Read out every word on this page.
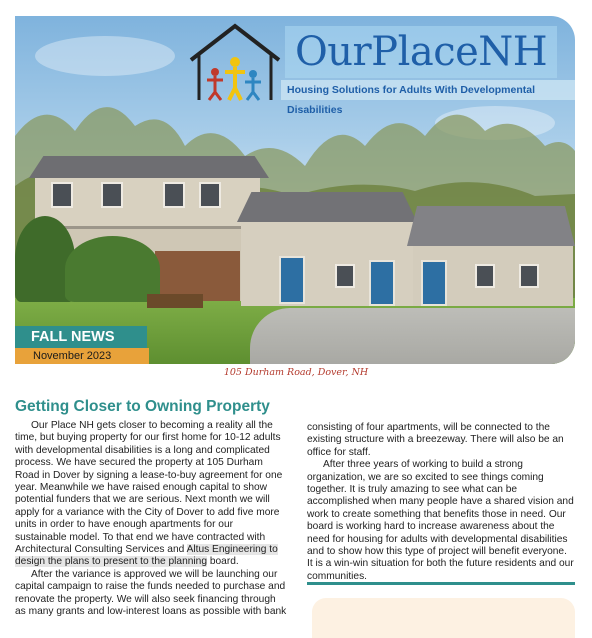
OurPlaceNH
Housing Solutions for Adults With Developmental Disabilities
FALL NEWS
November 2023
105 Durham Road, Dover, NH
Getting Closer to Owning Property

Our Place NH gets closer to becoming a reality all the time, but buying property for our first home for 10-12 adults with developmental disabilities is a long and complicated process. We have secured the property at 105 Durham Road in Dover by signing a lease-to-buy agreement for one year. Meanwhile we have raised enough capital to show potential funders that we are serious. Next month we will apply for a variance with the City of Dover to add five more units in order to have enough apartments for our sustainable model. To that end we have contracted with Architectural Consulting Services and Altus Engineering to design the plans to present to the planning board.

After the variance is approved we will be launching our capital campaign to raise the funds needed to purchase and renovate the property. We will also seek financing through as many grants and low-interest loans as possible with bank

consisting of four apartments, will be connected to the existing structure with a breezeway. There will also be an office for staff.

After three years of working to build a strong organization, we are so excited to see things coming together. It is truly amazing to see what can be accomplished when many people have a shared vision and work to create something that benefits those in need. Our board is working hard to increase awareness about the need for housing for adults with developmental disabilities and to show how this type of project will benefit everyone. It is a win-win situation for both the future residents and our communities.
